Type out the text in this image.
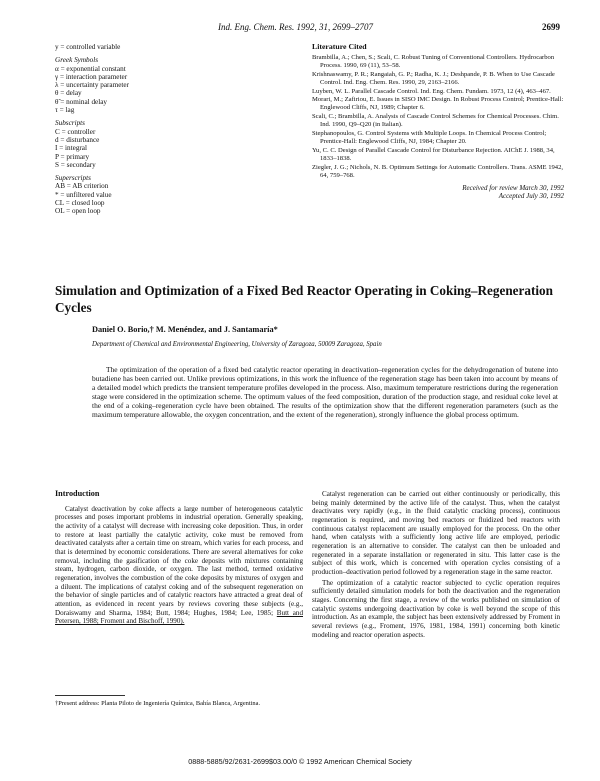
Ind. Eng. Chem. Res. 1992, 31, 2699–2707	2699
y = controlled variable
Greek Symbols
α = exponential constant
γ = interaction parameter
λ = uncertainty parameter
θ = delay
θ̃ = nominal delay
τ = lag
Subscripts
C = controller
d = disturbance
I = integral
P = primary
S = secondary
Superscripts
AB = AB criterion
* = unfiltered value
CL = closed loop
OL = open loop
Literature Cited
Brambilla, A.; Chen, S.; Scali, C. Robust Tuning of Conventional Controllers. Hydrocarbon Process. 1990, 69 (11), 53–58.
Krishnaswamy, P. R.; Rangaiah, G. P.; Radha, K. J.; Deshpande, P. B. When to Use Cascade Control. Ind. Eng. Chem. Res. 1990, 29, 2163–2166.
Luyben, W. L. Parallel Cascade Control. Ind. Eng. Chem. Fundam. 1973, 12 (4), 463–467.
Morari, M.; Zafiriou, E. Issues in SISO IMC Design. In Robust Process Control; Prentice-Hall: Englewood Cliffs, NJ, 1989; Chapter 6.
Scali, C.; Brambilla, A. Analysis of Cascade Control Schemes for Chemical Processes. Chim. Ind. 1990, Q9–Q20 (in Italian).
Stephanopoulos, G. Control Systems with Multiple Loops. In Chemical Process Control; Prentice-Hall: Englewood Cliffs, NJ, 1984; Chapter 20.
Yu, C. C. Design of Parallel Cascade Control for Disturbance Rejection. AIChE J. 1988, 34, 1833–1838.
Ziegler, J. G.; Nichols, N. B. Optimum Settings for Automatic Controllers. Trans. ASME 1942, 64, 759–768.
Received for review March 30, 1992
Accepted July 30, 1992
Simulation and Optimization of a Fixed Bed Reactor Operating in Coking–Regeneration Cycles
Daniel O. Borio,† M. Menéndez, and J. Santamaría*
Department of Chemical and Environmental Engineering, University of Zaragoza, 50009 Zaragoza, Spain
The optimization of the operation of a fixed bed catalytic reactor operating in deactivation–regeneration cycles for the dehydrogenation of butene into butadiene has been carried out. Unlike previous optimizations, in this work the influence of the regeneration stage has been taken into account by means of a detailed model which predicts the transient temperature profiles developed in the process. Also, maximum temperature restrictions during the regeneration stage were considered in the optimization scheme. The optimum values of the feed composition, duration of the production stage, and residual coke level at the end of a coking–regeneration cycle have been obtained. The results of the optimization show that the different regeneration parameters (such as the maximum temperature allowable, the oxygen concentration, and the extent of the regeneration), strongly influence the global process optimum.
Introduction

Catalyst deactivation by coke affects a large number of heterogeneous catalytic processes and poses important problems in industrial operation. Generally speaking, the activity of a catalyst will decrease with increasing coke deposition. Thus, in order to restore at least partially the catalytic activity, coke must be removed from deactivated catalysts after a certain time on stream, which varies for each process, and that is determined by economic considerations. There are several alternatives for coke removal, including the gasification of the coke deposits with mixtures containing steam, hydrogen, carbon dioxide, or oxygen. The last method, termed oxidative regeneration, involves the combustion of the coke deposits by mixtures of oxygen and a diluent. The implications of catalyst coking and of the subsequent regeneration on the behavior of single particles and of catalytic reactors have attracted a great deal of attention, as evidenced in recent years by reviews covering these subjects (e.g., Doraiswamy and Sharma, 1984; Butt, 1984; Hughes, 1984; Lee, 1985; Butt and Petersen, 1988; Froment and Bischoff, 1990).

Catalyst regeneration can be carried out either continuously or periodically, this being mainly determined by the active life of the catalyst. Thus, when the catalyst deactivates very rapidly (e.g., in the fluid catalytic cracking process), continuous regeneration is required, and moving bed reactors or fluidized bed reactors with continuous catalyst replacement are usually employed for the process. On the other hand, when catalysts with a sufficiently long active life are employed, periodic regeneration is an alternative to consider. The catalyst can then be unloaded and regenerated in a separate installation or regenerated in situ. This latter case is the subject of this work, which is concerned with operation cycles consisting of a production–deactivation period followed by a regeneration stage in the same reactor.

The optimization of a catalytic reactor subjected to cyclic operation requires sufficiently detailed simulation models for both the deactivation and the regeneration stages. Concerning the first stage, a review of the works published on simulation of catalytic systems undergoing deactivation by coke is well beyond the scope of this introduction. As an example, the subject has been extensively addressed by Froment in several reviews (e.g., Froment, 1976, 1981, 1984, 1991) concerning both kinetic modeling and reactor operation aspects.

†Present address: Planta Piloto de Ingeniería Química, Bahía Blanca, Argentina.
0888-5885/92/2631-2699$03.00/0 © 1992 American Chemical Society
